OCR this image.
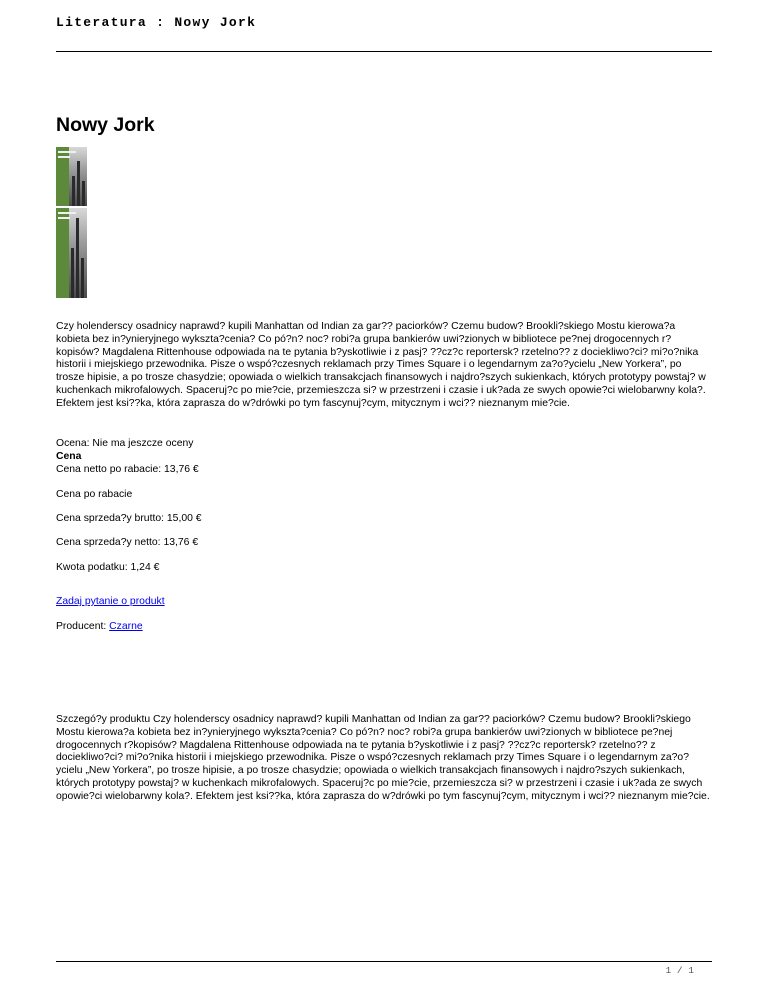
Literatura : Nowy Jork
Nowy Jork

Czy holenderscy osadnicy naprawd? kupili Manhattan od Indian za gar?? paciorków? Czemu budow? Brookli?skiego Mostu kierowa?a kobieta bez in?ynieryjnego wykszta?cenia? Co pó?n? noc? robi?a grupa bankierów uwi?zionych w bibliotece pe?nej drogocennych r?kopisów? Magdalena Rittenhouse odpowiada na te pytania b?yskotliwie i z pasj? ??cz?c reportersk? rzetelno?? z dociekliwo?ci? mi?o?nika historii i miejskiego przewodnika. Pisze o wspó?czesnych reklamach przy Times Square i o legendarnym za?o?ycielu „New Yorkera”, po trosze hipisie, a po trosze chasydzie; opowiada o wielkich transakcjach finansowych i najdro?szych sukienkach, których prototypy powstaj? w kuchenkach mikrofalowych. Spaceruj?c po mie?cie, przemieszcza si? w przestrzeni i czasie i uk?ada ze swych opowie?ci wielobarwny kola?. Efektem jest ksi??ka, która zaprasza do w?drówki po tym fascynuj?cym, mitycznym i wci?? nieznanym mie?cie.

Ocena: Nie ma jeszcze oceny
Cena
Cena netto po rabacie: 13,76 €
Cena po rabacie
Cena sprzeda?y brutto: 15,00 €
Cena sprzeda?y netto: 13,76 €
Kwota podatku: 1,24 €
Zadaj pytanie o produkt
Producent: Czarne

Szczegó?y produktu Czy holenderscy osadnicy naprawd? kupili Manhattan od Indian za gar?? paciorków? Czemu budow? Brookli?skiego Mostu kierowa?a kobieta bez in?ynieryjnego wykszta?cenia? Co pó?n? noc? robi?a grupa bankierów uwi?zionych w bibliotece pe?nej drogocennych r?kopisów? Magdalena Rittenhouse odpowiada na te pytania b?yskotliwie i z pasj? ??cz?c reportersk? rzetelno?? z dociekliwo?ci? mi?o?nika historii i miejskiego przewodnika. Pisze o wspó?czesnych reklamach przy Times Square i o legendarnym za?o?ycielu „New Yorkera”, po trosze hipisie, a po trosze chasydzie; opowiada o wielkich transakcjach finansowych i najdro?szych sukienkach, których prototypy powstaj? w kuchenkach mikrofalowych. Spaceruj?c po mie?cie, przemieszcza si? w przestrzeni i czasie i uk?ada ze swych opowie?ci wielobarwny kola?. Efektem jest ksi??ka, która zaprasza do w?drówki po tym fascynuj?cym, mitycznym i wci?? nieznanym mie?cie.

1 / 1
